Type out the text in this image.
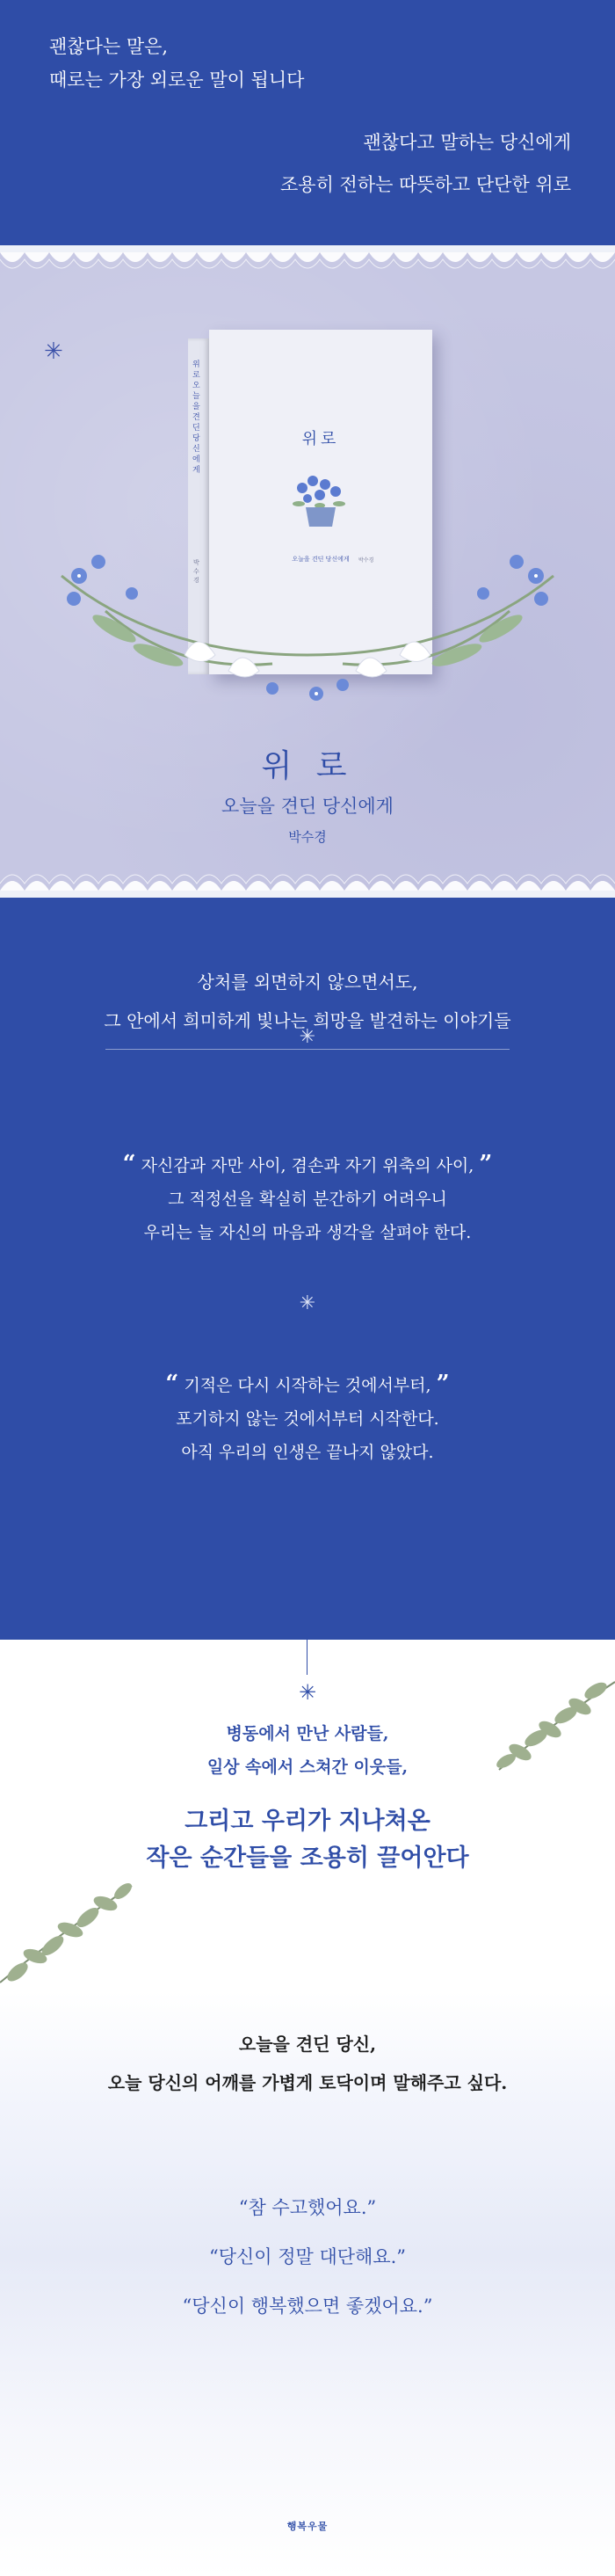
괜찮다는 말은,
때로는 가장 외로운 말이 됩니다
괜찮다고 말하는 당신에게
조용히 전하는 따뜻하고 단단한 위로
✳	위로 오늘을 견딘 당신에게
박수경
위로
오늘을 견딘 당신에게	박수경
위 로
오늘을 견딘 당신에게
박수경
상처를 외면하지 않으면서도,
그 안에서 희미하게 빛나는 희망을 발견하는 이야기들
✳
“ 자신감과 자만 사이, 겸손과 자기 위축의 사이, ”
그 적정선을 확실히 분간하기 어려우니
우리는 늘 자신의 마음과 생각을 살펴야 한다.
✳
“ 기적은 다시 시작하는 것에서부터, ”
포기하지 않는 것에서부터 시작한다.
아직 우리의 인생은 끝나지 않았다.
✳
병동에서 만난 사람들,
일상 속에서 스쳐간 이웃들,
그리고 우리가 지나쳐온
작은 순간들을 조용히 끌어안다
오늘을 견딘 당신,
오늘 당신의 어깨를 가볍게 토닥이며 말해주고 싶다.
“참 수고했어요.”
“당신이 정말 대단해요.”
“당신이 행복했으면 좋겠어요.”
행복우물
